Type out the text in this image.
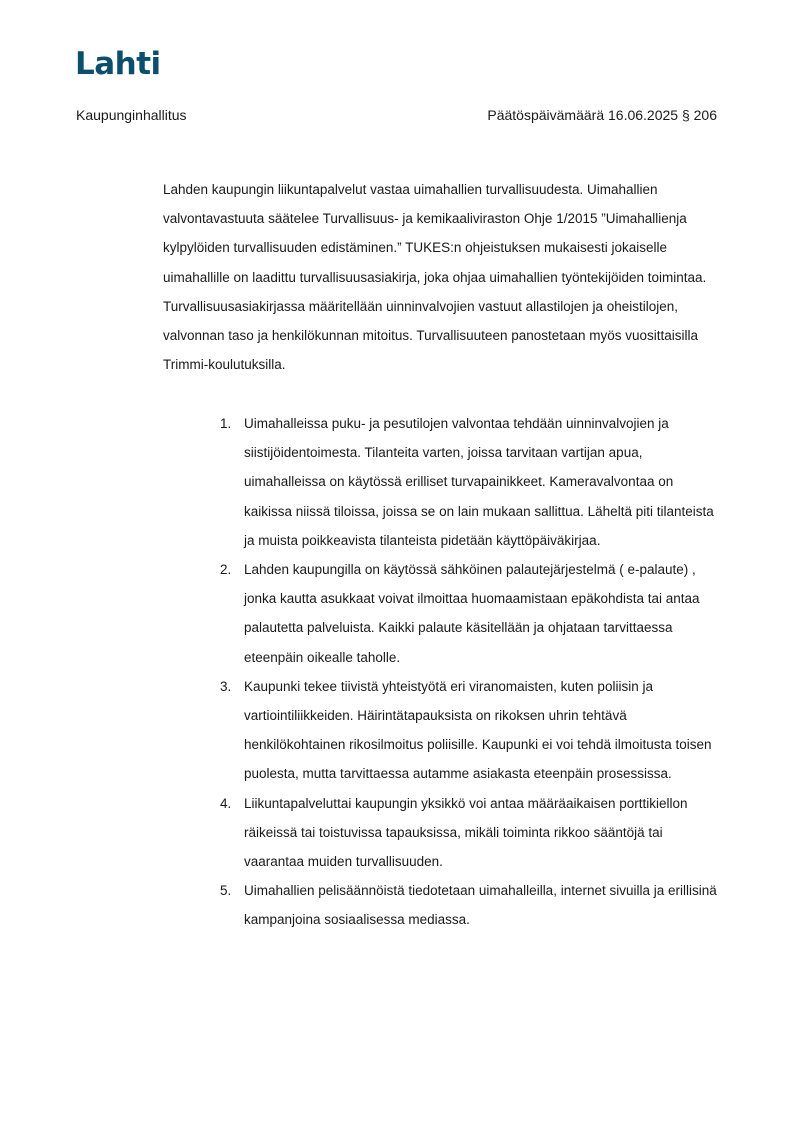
Lahti
Kaupunginhallitus	Päätöspäivämäärä 16.06.2025 § 206

Lahden kaupungin liikuntapalvelut vastaa uimahallien turvallisuudesta. Uimahallien valvontavastuuta säätelee Turvallisuus- ja kemikaaliviraston Ohje 1/2015 ”Uimahallienja kylpylöiden turvallisuuden edistäminen.” TUKES:n ohjeistuksen mukaisesti jokaiselle uimahallille on laadittu turvallisuusasiakirja, joka ohjaa uimahallien työntekijöiden toimintaa. Turvallisuusasiakirjassa määritellään uinninvalvojien vastuut allastilojen ja oheistilojen, valvonnan taso ja henkilökunnan mitoitus. Turvallisuuteen panostetaan myös vuosittaisilla Trimmi-koulutuksilla.

1. Uimahalleissa puku- ja pesutilojen valvontaa tehdään uinninvalvojien ja siistijöidentoimesta. Tilanteita varten, joissa tarvitaan vartijan apua, uimahalleissa on käytössä erilliset turvapainikkeet. Kameravalvontaa on kaikissa niissä tiloissa, joissa se on lain mukaan sallittua. Läheltä piti tilanteista ja muista poikkeavista tilanteista pidetään käyttöpäiväkirjaa.
2. Lahden kaupungilla on käytössä sähköinen palautejärjestelmä ( e-palaute) , jonka kautta asukkaat voivat ilmoittaa huomaamistaan epäkohdista tai antaa palautetta palveluista. Kaikki palaute käsitellään ja ohjataan tarvittaessa eteenpäin oikealle taholle.
3. Kaupunki tekee tiivistä yhteistyötä eri viranomaisten, kuten poliisin ja vartiointiliikkeiden. Häirintätapauksista on rikoksen uhrin tehtävä henkilökohtainen rikosilmoitus poliisille. Kaupunki ei voi tehdä ilmoitusta toisen puolesta, mutta tarvittaessa autamme asiakasta eteenpäin prosessissa.
4. Liikuntapalveluttai kaupungin yksikkö voi antaa määräaikaisen porttikiellon räikeissä tai toistuvissa tapauksissa, mikäli toiminta rikkoo sääntöjä tai vaarantaa muiden turvallisuuden.
5. Uimahallien pelisäännöistä tiedotetaan uimahalleilla, internet sivuilla ja erillisinä kampanjoina sosiaalisessa mediassa.
